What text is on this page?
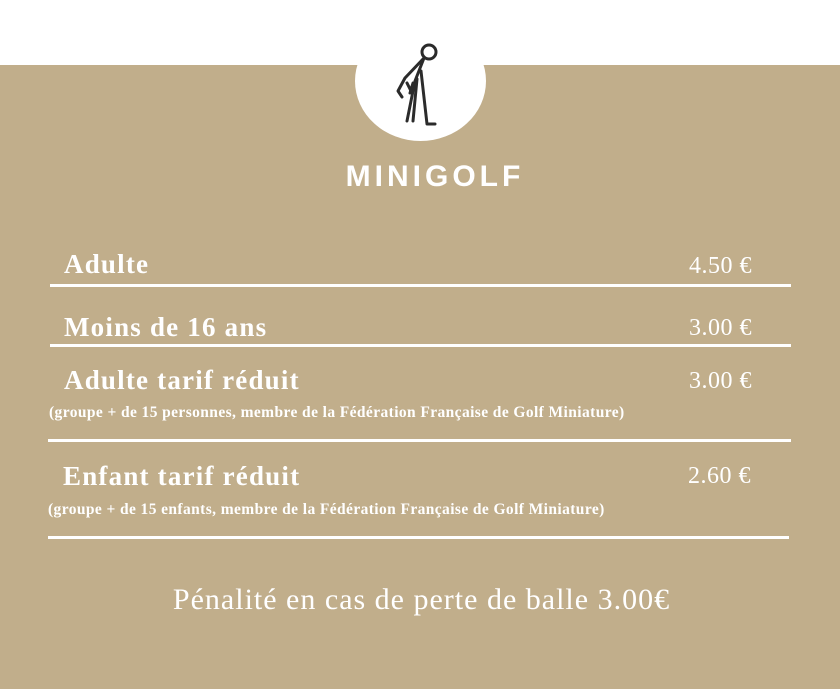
MINIGOLF
Adulte	4.50 €
Moins de 16 ans	3.00 €
Adulte tarif réduit	3.00 €
(groupe + de 15 personnes, membre de la Fédération Française de Golf Miniature)
Enfant tarif réduit	2.60 €
(groupe + de 15 enfants, membre de la Fédération Française de Golf Miniature)
Pénalité en cas de perte de balle 3.00€
